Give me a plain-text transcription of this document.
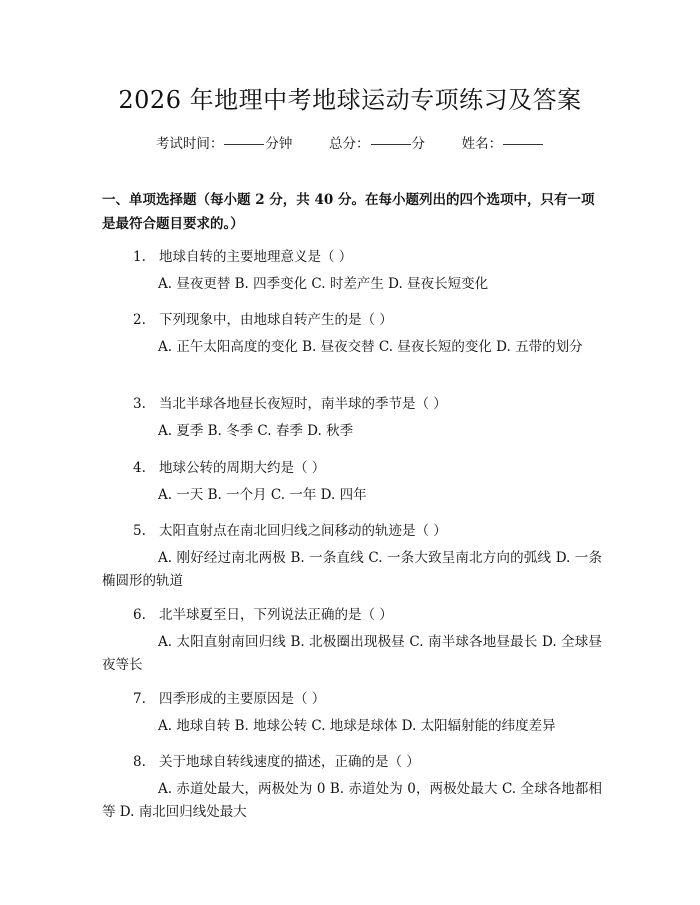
2026 年地理中考地球运动专项练习及答案
考试时间：	分钟	总分：	分	姓名：
一、单项选择题（每小题 2 分，共 40 分。在每小题列出的四个选项中，只有一项是最符合题目要求的。）
1. 地球自转的主要地理意义是（ ）
A. 昼夜更替 B. 四季变化 C. 时差产生 D. 昼夜长短变化
2. 下列现象中，由地球自转产生的是（ ）
A. 正午太阳高度的变化 B. 昼夜交替 C. 昼夜长短的变化 D. 五带的划分
3. 当北半球各地昼长夜短时，南半球的季节是（ ）
A. 夏季 B. 冬季 C. 春季 D. 秋季
4. 地球公转的周期大约是（ ）
A. 一天 B. 一个月 C. 一年 D. 四年
5. 太阳直射点在南北回归线之间移动的轨迹是（ ）
A. 刚好经过南北两极 B. 一条直线 C. 一条大致呈南北方向的弧线 D. 一条椭圆形的轨道
6. 北半球夏至日，下列说法正确的是（ ）
A. 太阳直射南回归线 B. 北极圈出现极昼 C. 南半球各地昼最长 D. 全球昼夜等长
7. 四季形成的主要原因是（ ）
A. 地球自转 B. 地球公转 C. 地球是球体 D. 太阳辐射能的纬度差异
8. 关于地球自转线速度的描述，正确的是（ ）
A. 赤道处最大，两极处为 0 B. 赤道处为 0，两极处最大 C. 全球各地都相等 D. 南北回归线处最大
